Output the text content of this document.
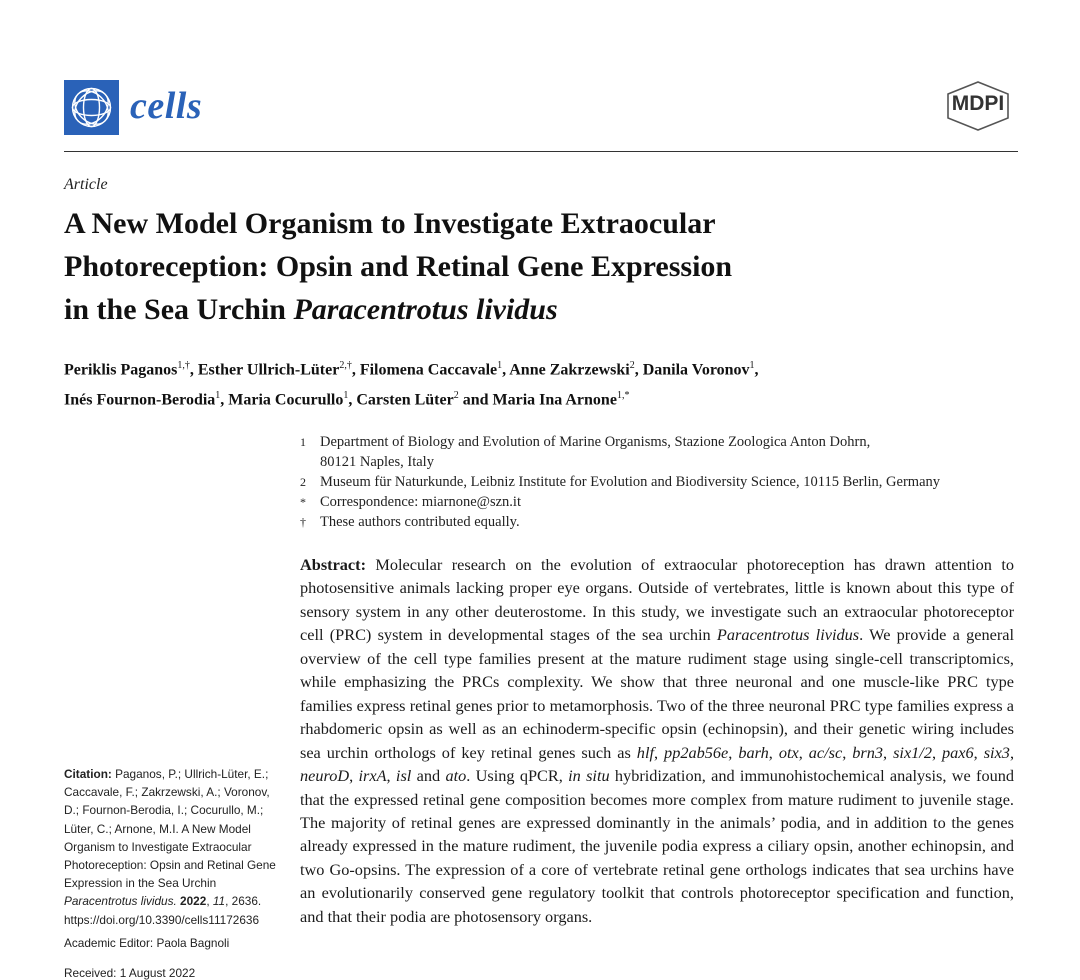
cells	MDPI
Article
A New Model Organism to Investigate Extraocular
Photoreception: Opsin and Retinal Gene Expression
in the Sea Urchin Paracentrotus lividus
Periklis Paganos$^{1,\dagger}$, Esther Ullrich-Lüter$^{2,\dagger}$, Filomena Caccavale$^1$, Anne Zakrzewski$^2$, Danila Voronov$^1$,
Inés Fournon-Berodia$^1$, Maria Cocurullo$^1$, Carsten Lüter$^2$ and Maria Ina Arnone$^{1,*}$
1 Department of Biology and Evolution of Marine Organisms, Stazione Zoologica Anton Dohrn,
80121 Naples, Italy
2 Museum für Naturkunde, Leibniz Institute for Evolution and Biodiversity Science, 10115 Berlin, Germany
* Correspondence: miarnone@szn.it
† These authors contributed equally.

Abstract: Molecular research on the evolution of extraocular photoreception has drawn attention to photosensitive animals lacking proper eye organs. Outside of vertebrates, little is known about this type of sensory system in any other deuterostome. In this study, we investigate such an extraocular photoreceptor cell (PRC) system in developmental stages of the sea urchin Paracentrotus lividus. We provide a general overview of the cell type families present at the mature rudiment stage using single-cell transcriptomics, while emphasizing the PRCs complexity. We show that three neuronal and one muscle-like PRC type families express retinal genes prior to metamorphosis. Two of the three neuronal PRC type families express a rhabdomeric opsin as well as an echinoderm-specific opsin (echinopsin), and their genetic wiring includes sea urchin orthologs of key retinal genes such as hlf, pp2ab56e, barh, otx, ac/sc, brn3, six1/2, pax6, six3, neuroD, irxA, isl and ato. Using qPCR, in situ hybridization, and immunohistochemical analysis, we found that the expressed retinal gene composition becomes more complex from mature rudiment to juvenile stage. The majority of retinal genes are expressed dominantly in the animals’ podia, and in addition to the genes already expressed in the mature rudiment, the juvenile podia express a ciliary opsin, another echinopsin, and two Go-opsins. The expression of a core of vertebrate retinal gene orthologs indicates that sea urchins have an evolutionarily conserved gene regulatory toolkit that controls photoreceptor specification and function, and that their podia are photosensory organs.

Citation: Paganos, P.; Ullrich-Lüter, E.; Caccavale, F.; Zakrzewski, A.; Voronov, D.; Fournon-Berodia, I.; Cocurullo, M.; Lüter, C.; Arnone, M.I. A New Model Organism to Investigate Extraocular Photoreception: Opsin and Retinal Gene Expression in the Sea Urchin Paracentrotus lividus. 2022, 11, 2636.
https://doi.org/10.3390/cells11172636
Academic Editor: Paola Bagnoli
Received: 1 August 2022
